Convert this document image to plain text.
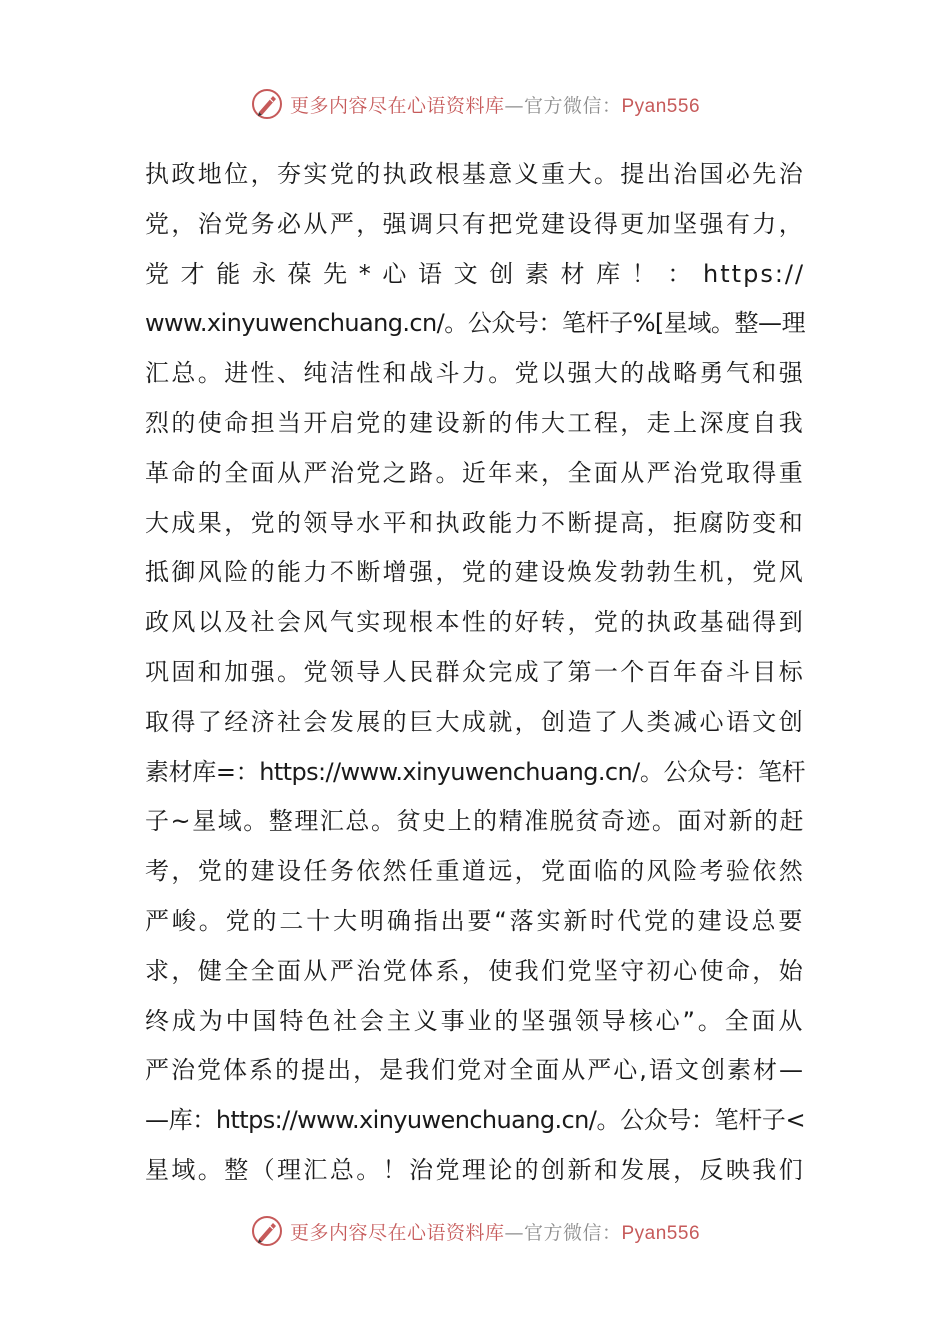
更多内容尽在心语资料库—官方微信：Pyan556
执政地位，夯实党的执政根基意义重大。提出治国必先治
党，治党务必从严，强调只有把党建设得更加坚强有力，
党 才 能 永 葆 先 * 心 语 文 创 素 材 库 ！ ： https://
www.xinyuwenchuang.cn/。公众号：笔杆子%[星域。整—理
汇总。进性、纯洁性和战斗力。党以强大的战略勇气和强
烈的使命担当开启党的建设新的伟大工程，走上深度自我
革命的全面从严治党之路。近年来，全面从严治党取得重
大成果，党的领导水平和执政能力不断提高，拒腐防变和
抵御风险的能力不断增强，党的建设焕发勃勃生机，党风
政风以及社会风气实现根本性的好转，党的执政基础得到
巩固和加强。党领导人民群众完成了第一个百年奋斗目标
取得了经济社会发展的巨大成就，创造了人类减心语文创
素材库=：https://www.xinyuwenchuang.cn/。公众号：笔杆
子~星域。整理汇总。贫史上的精准脱贫奇迹。面对新的赶
考，党的建设任务依然任重道远，党面临的风险考验依然
严峻。党的二十大明确指出要“落实新时代党的建设总要
求，健全全面从严治党体系，使我们党坚守初心使命，始
终成为中国特色社会主义事业的坚强领导核心”。全面从
严治党体系的提出，是我们党对全面从严心,语文创素材—
—库：https://www.xinyuwenchuang.cn/。公众号：笔杆子<
星域。整（理汇总。！治党理论的创新和发展，反映我们
更多内容尽在心语资料库—官方微信：Pyan556
